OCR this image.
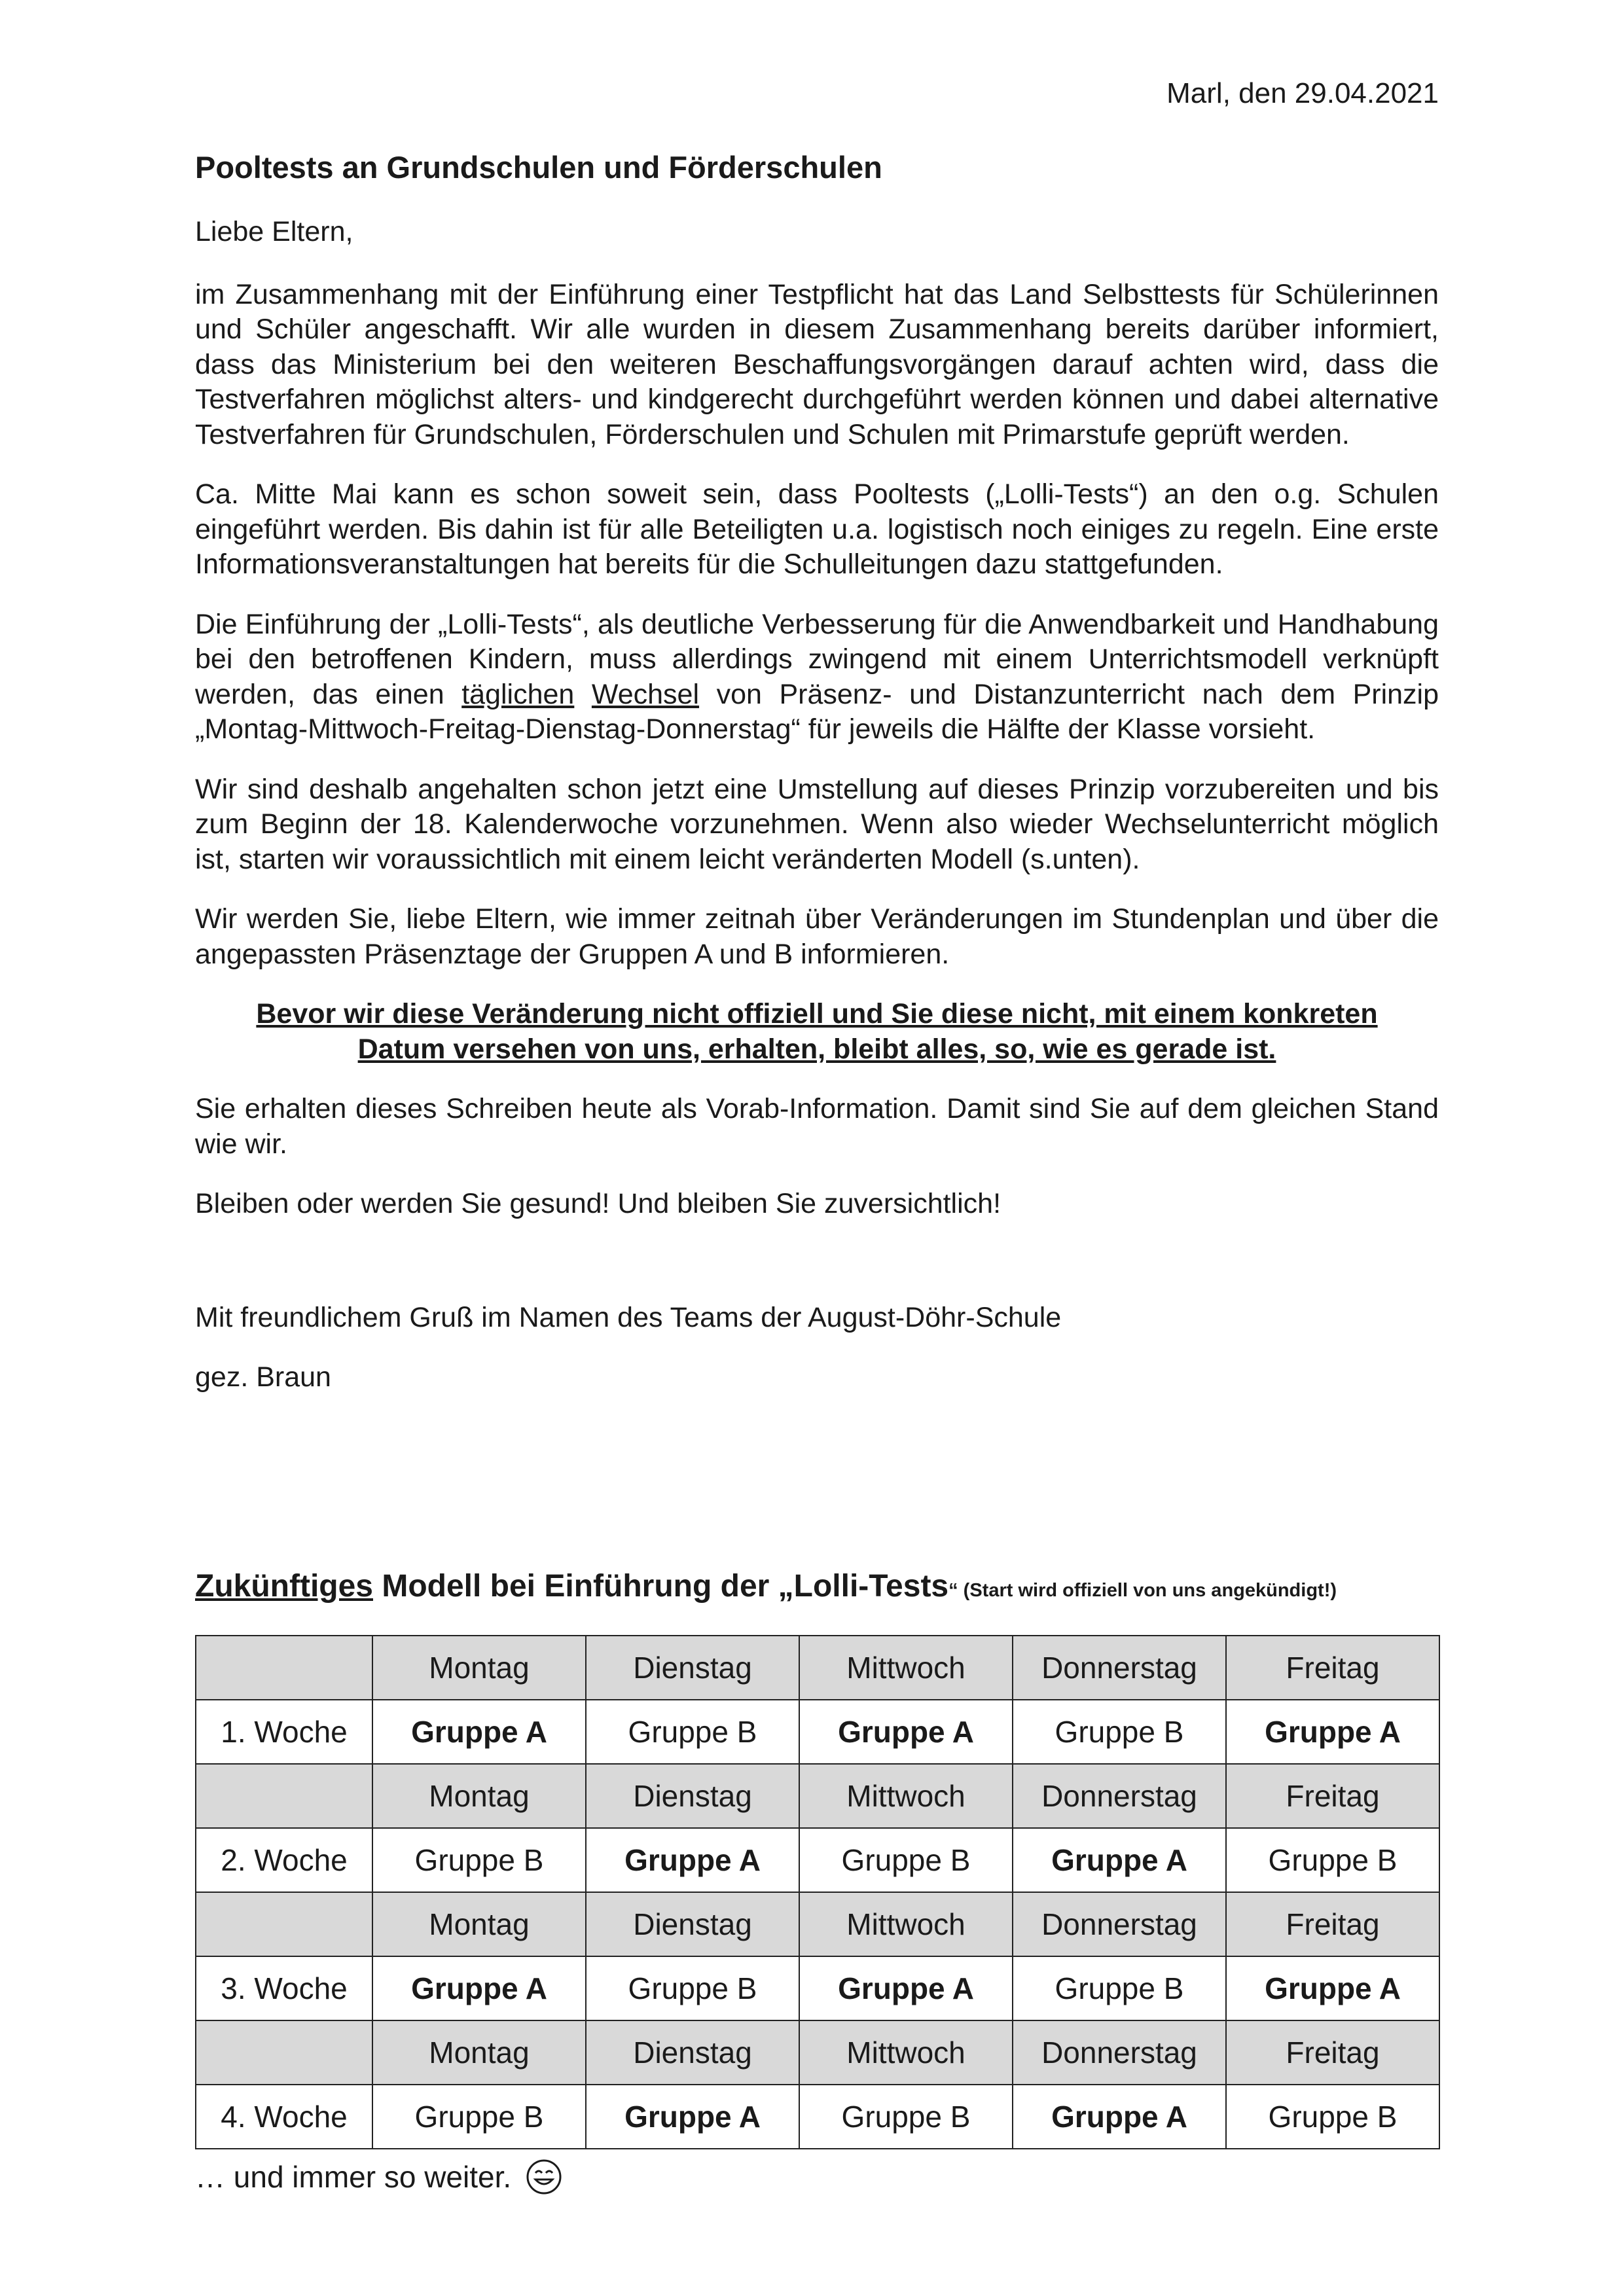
Marl, den 29.04.2021
Pooltests an Grundschulen und Förderschulen

Liebe Eltern,

im Zusammenhang mit der Einführung einer Testpflicht hat das Land Selbsttests für Schülerinnen und Schüler angeschafft. Wir alle wurden in diesem Zusammenhang bereits darüber informiert, dass das Ministerium bei den weiteren Beschaffungsvorgängen darauf achten wird, dass die Testverfahren möglichst alters- und kindgerecht durchgeführt werden können und dabei alternative Testverfahren für Grundschulen, Förderschulen und Schulen mit Primarstufe geprüft werden.

Ca. Mitte Mai kann es schon soweit sein, dass Pooltests („Lolli-Tests“) an den o.g. Schulen eingeführt werden. Bis dahin ist für alle Beteiligten u.a. logistisch noch einiges zu regeln. Eine erste Informationsveranstaltungen hat bereits für die Schulleitungen dazu stattgefunden.

Die Einführung der „Lolli-Tests“, als deutliche Verbesserung für die Anwendbarkeit und Handhabung bei den betroffenen Kindern, muss allerdings zwingend mit einem Unterrichtsmodell verknüpft werden, das einen täglichen Wechsel von Präsenz- und Distanzunterricht nach dem Prinzip „Montag-Mittwoch-Freitag-Dienstag-Donnerstag“ für jeweils die Hälfte der Klasse vorsieht.

Wir sind deshalb angehalten schon jetzt eine Umstellung auf dieses Prinzip vorzubereiten und bis zum Beginn der 18. Kalenderwoche vorzunehmen. Wenn also wieder Wechselunterricht möglich ist, starten wir voraussichtlich mit einem leicht veränderten Modell (s.unten).

Wir werden Sie, liebe Eltern, wie immer zeitnah über Veränderungen im Stundenplan und über die angepassten Präsenztage der Gruppen A und B informieren.

Bevor wir diese Veränderung nicht offiziell und Sie diese nicht, mit einem konkreten Datum versehen von uns, erhalten, bleibt alles, so, wie es gerade ist.

Sie erhalten dieses Schreiben heute als Vorab-Information. Damit sind Sie auf dem gleichen Stand wie wir.

Bleiben oder werden Sie gesund! Und bleiben Sie zuversichtlich!

Mit freundlichem Gruß im Namen des Teams der August-Döhr-Schule

gez. Braun

Zukünftiges Modell bei Einführung der „Lolli-Tests“ (Start wird offiziell von uns angekündigt!)
	Montag	Dienstag	Mittwoch	Donnerstag	Freitag
1. Woche	Gruppe A	Gruppe B	Gruppe A	Gruppe B	Gruppe A
	Montag	Dienstag	Mittwoch	Donnerstag	Freitag
2. Woche	Gruppe B	Gruppe A	Gruppe B	Gruppe A	Gruppe B
	Montag	Dienstag	Mittwoch	Donnerstag	Freitag
3. Woche	Gruppe A	Gruppe B	Gruppe A	Gruppe B	Gruppe A
	Montag	Dienstag	Mittwoch	Donnerstag	Freitag
4. Woche	Gruppe B	Gruppe A	Gruppe B	Gruppe A	Gruppe B
… und immer so weiter.
